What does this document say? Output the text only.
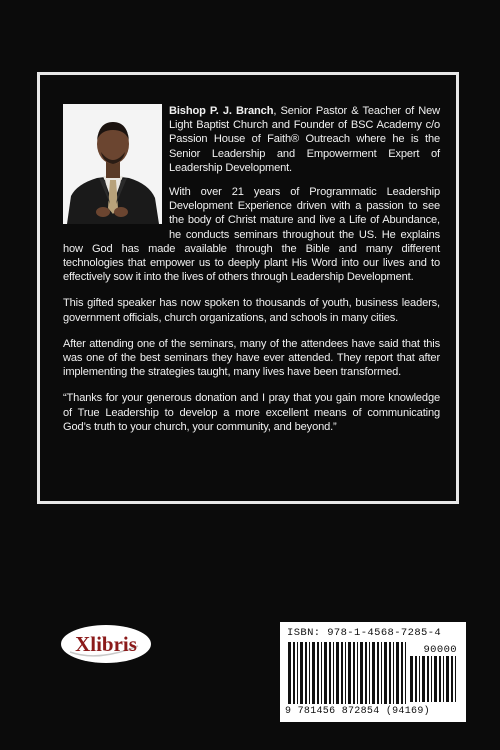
Bishop P. J. Branch, Senior Pastor & Teacher of New Light Baptist Church and Founder of BSC Academy c/o Passion House of Faith® Outreach where he is the Senior Leadership and Empowerment Expert of Leadership Development.

With over 21 years of Programmatic Leadership Development Experience driven with a passion to see the body of Christ mature and live a Life of Abundance, he conducts seminars throughout the US. He explains how God has made available through the Bible and many different technologies that empower us to deeply plant His Word into our lives and to effectively sow it into the lives of others through Leadership Development.

This gifted speaker has now spoken to thousands of youth, business leaders, government officials, church organizations, and schools in many cities.

After attending one of the seminars, many of the attendees have said that this was one of the best seminars they have ever attended. They report that after implementing the strategies taught, many lives have been transformed.

“Thanks for your generous donation and I pray that you gain more knowledge of True Leadership to develop a more excellent means of communicating God’s truth to your church, your community, and beyond.”

Xlibris	ISBN: 978-1-4568-7285-4
90000
9 781456 872854 (94169)
